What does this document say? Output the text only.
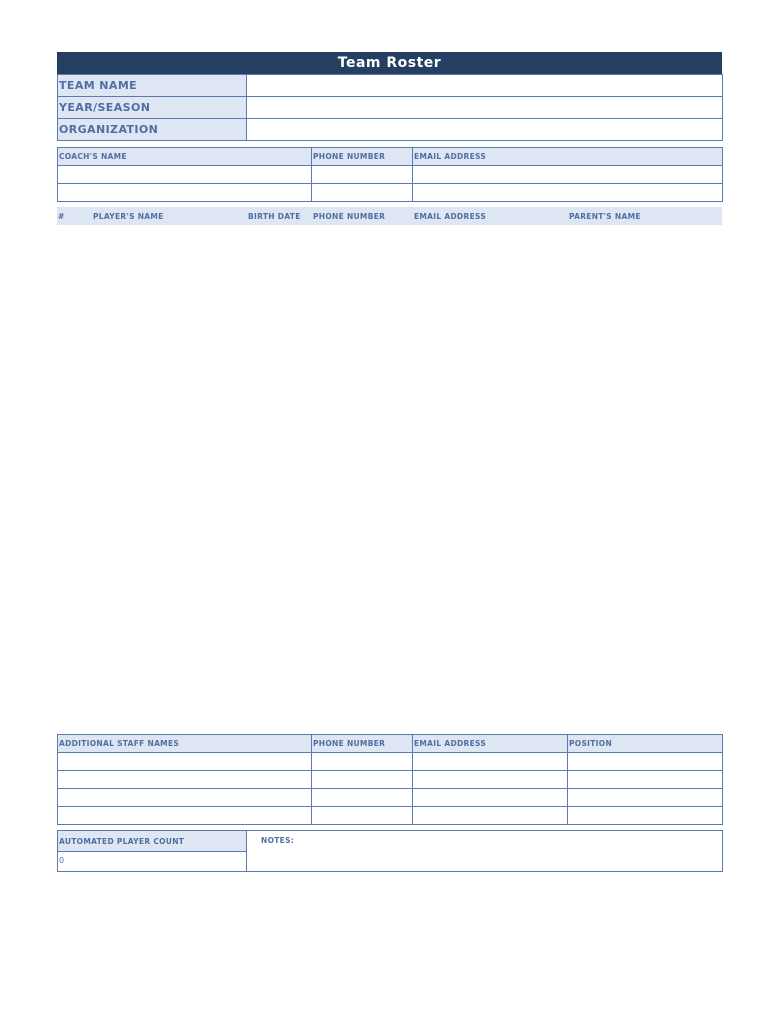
Team Roster
TEAM NAME	
YEAR/SEASON	
ORGANIZATION	
COACH'S NAME	PHONE NUMBER	EMAIL ADDRESS

#	PLAYER'S NAME	BIRTH DATE	PHONE NUMBER	EMAIL ADDRESS	PARENT'S NAME
ADDITIONAL STAFF NAMES	PHONE NUMBER	EMAIL ADDRESS	POSITION

AUTOMATED PLAYER COUNT	NOTES:
0
